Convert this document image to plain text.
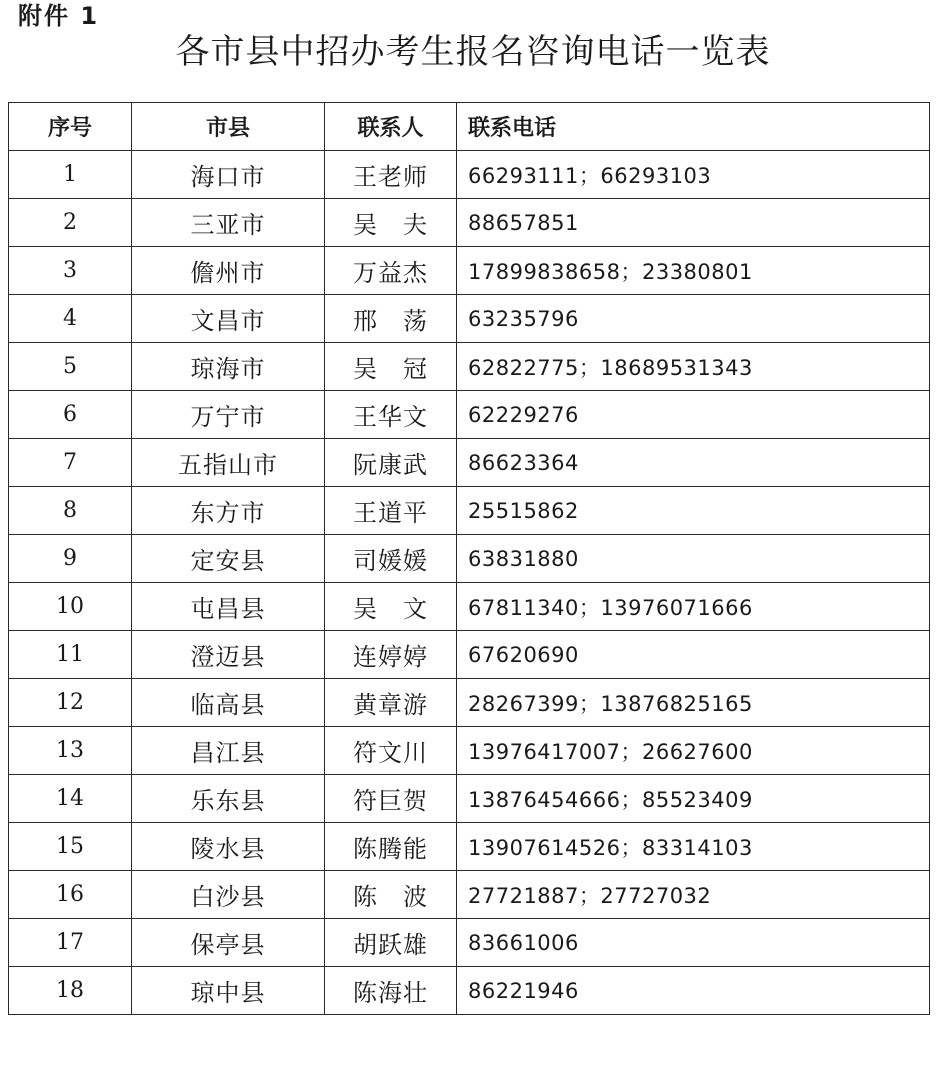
附件 1
各市县中招办考生报名咨询电话一览表
序号	市县	联系人	联系电话
1	海口市	王老师	66293111；66293103
2	三亚市	吴　夫	88657851
3	儋州市	万益杰	17899838658；23380801
4	文昌市	邢　荡	63235796
5	琼海市	吴　冠	62822775；18689531343
6	万宁市	王华文	62229276
7	五指山市	阮康武	86623364
8	东方市	王道平	25515862
9	定安县	司媛媛	63831880
10	屯昌县	吴　文	67811340；13976071666
11	澄迈县	连婷婷	67620690
12	临高县	黄章游	28267399；13876825165
13	昌江县	符文川	13976417007；26627600
14	乐东县	符巨贺	13876454666；85523409
15	陵水县	陈腾能	13907614526；83314103
16	白沙县	陈　波	27721887；27727032
17	保亭县	胡跃雄	83661006
18	琼中县	陈海壮	86221946
